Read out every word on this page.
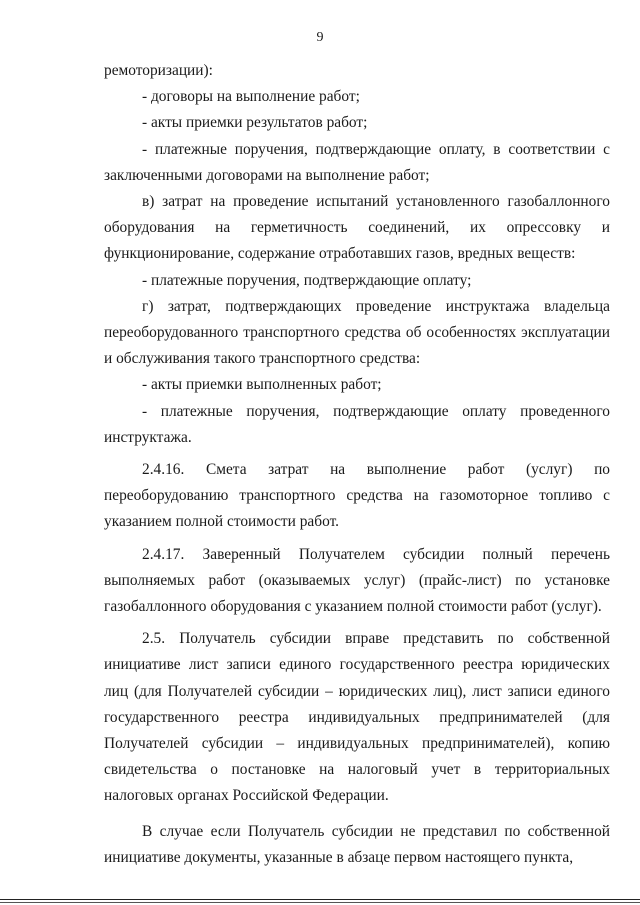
9

ремоторизации):

- договоры на выполнение работ;

- акты приемки результатов работ;

- платежные поручения, подтверждающие оплату, в соответствии с заключенными договорами на выполнение работ;

в) затрат на проведение испытаний установленного газобаллонного оборудования на герметичность соединений, их опрессовку и функционирование, содержание отработавших газов, вредных веществ:

- платежные поручения, подтверждающие оплату;

г) затрат, подтверждающих проведение инструктажа владельца переоборудованного транспортного средства об особенностях эксплуатации и обслуживания такого транспортного средства:

- акты приемки выполненных работ;

- платежные поручения, подтверждающие оплату проведенного инструктажа.

2.4.16. Смета затрат на выполнение работ (услуг) по переоборудованию транспортного средства на газомоторное топливо с указанием полной стоимости работ.

2.4.17. Заверенный Получателем субсидии полный перечень выполняемых работ (оказываемых услуг) (прайс-лист) по установке газобаллонного оборудования с указанием полной стоимости работ (услуг).

2.5. Получатель субсидии вправе представить по собственной инициативе лист записи единого государственного реестра юридических лиц (для Получателей субсидии – юридических лиц), лист записи единого государственного реестра индивидуальных предпринимателей (для Получателей субсидии – индивидуальных предпринимателей), копию свидетельства о постановке на налоговый учет в территориальных налоговых органах Российской Федерации.

В случае если Получатель субсидии не представил по собственной инициативе документы, указанные в абзаце первом настоящего пункта,
